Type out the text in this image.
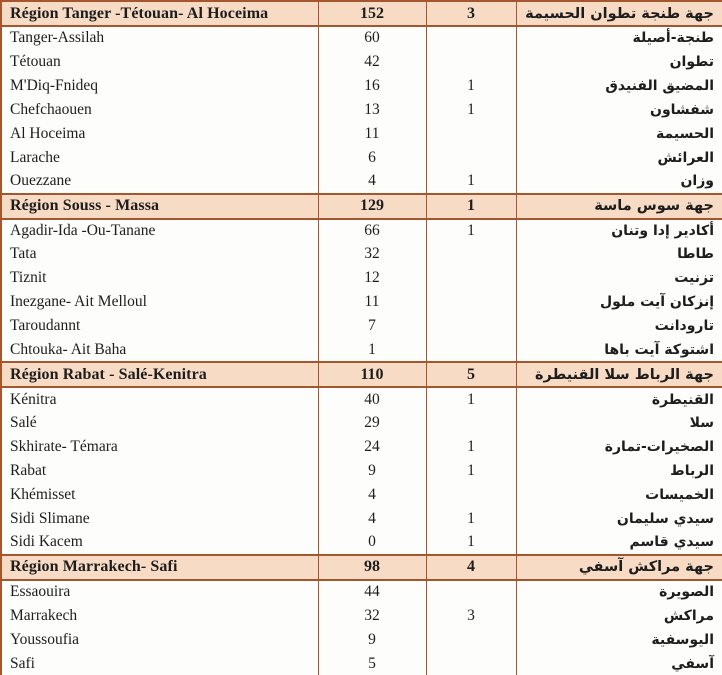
Région Tanger -Tétouan- Al Hoceima	152	3	جهة طنجة تطوان الحسيمة
Tanger-Assilah	60		طنجة-أصيلة
Tétouan	42		تطوان
M'Diq-Fnideq	16	1	المضيق الفنيدق
Chefchaouen	13	1	شفشاون
Al Hoceima	11		الحسيمة
Larache	6		العرائش
Ouezzane	4	1	وزان
Région Souss - Massa	129	1	جهة سوس ماسة
Agadir-Ida -Ou-Tanane	66	1	أكادير إدا وتنان
Tata	32		طاطا
Tiznit	12		تزنيت
Inezgane- Ait Melloul	11		إنزكان آيت ملول
Taroudannt	7		تارودانت
Chtouka- Ait Baha	1		اشتوكة آيت باها
Région Rabat - Salé-Kenitra	110	5	جهة الرباط سلا القنيطرة
Kénitra	40	1	القنيطرة
Salé	29		سلا
Skhirate- Témara	24	1	الصخيرات-تمارة
Rabat	9	1	الرباط
Khémisset	4		الخميسات
Sidi Slimane	4	1	سيدي سليمان
Sidi Kacem	0	1	سيدي قاسم
Région Marrakech- Safi	98	4	جهة مراكش آسفي
Essaouira	44		الصويرة
Marrakech	32	3	مراكش
Youssoufia	9		اليوسفية
Safi	5		آسفي
